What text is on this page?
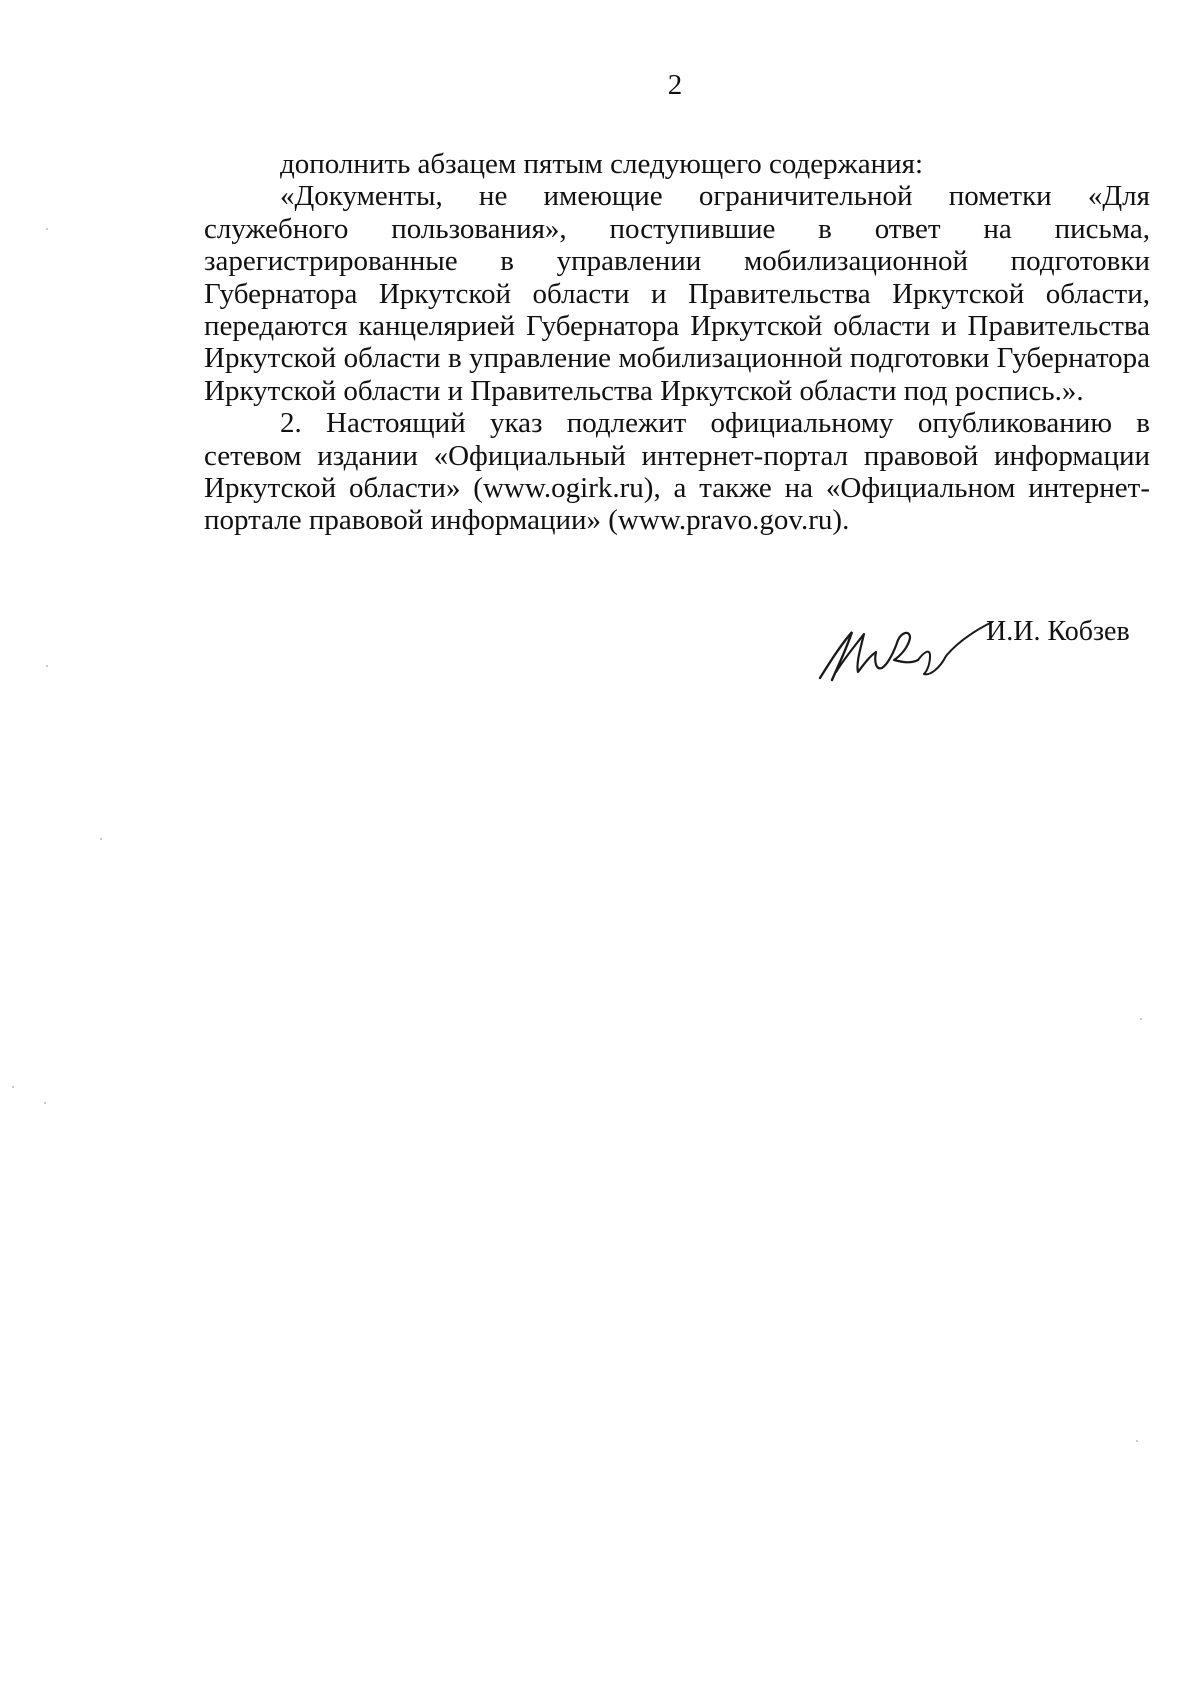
2

дополнить абзацем пятым следующего содержания:

«Документы, не имеющие ограничительной пометки «Для служебного пользования», поступившие в ответ на письма, зарегистрированные в управлении мобилизационной подготовки Губернатора Иркутской области и Правительства Иркутской области, передаются канцелярией Губернатора Иркутской области и Правительства Иркутской области в управление мобилизационной подготовки Губернатора Иркутской области и Правительства Иркутской области под роспись.».

2. Настоящий указ подлежит официальному опубликованию в сетевом издании «Официальный интернет-портал правовой информации Иркутской области» (www.ogirk.ru), а также на «Официальном интернет-портале правовой информации» (www.pravo.gov.ru).

И.И. Кобзев
